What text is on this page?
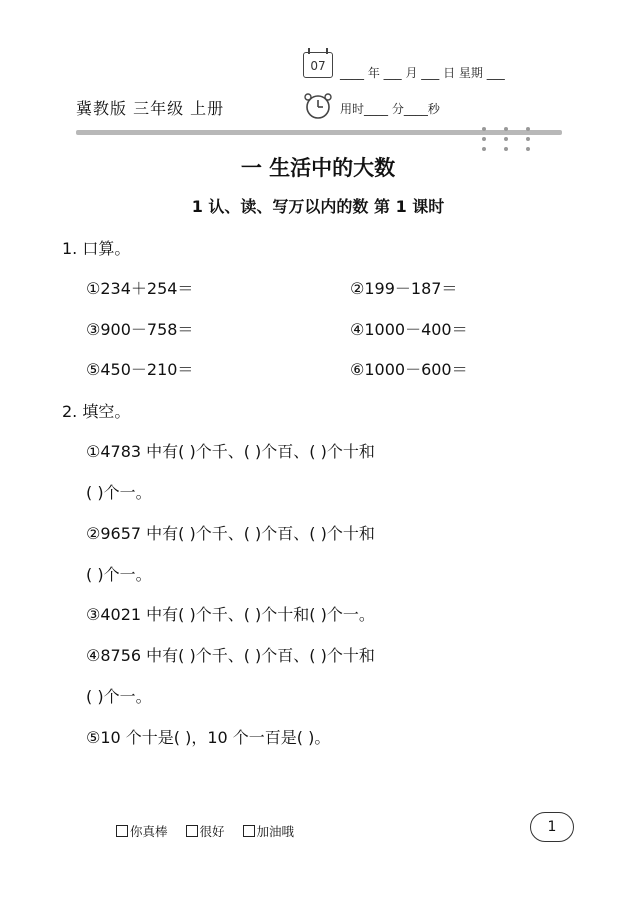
07	____ 年 ___ 月 ___ 日 星期 ___
用时____ 分____秒
冀教版 三年级 上册
一 生活中的大数
1 认、读、写万以内的数 第 1 课时
1. 口算。
①234＋254＝	②199－187＝
③900－758＝	④1000－400＝
⑤450－210＝	⑥1000－600＝
2. 填空。
①4783 中有( )个千、( )个百、( )个十和
( )个一。
②9657 中有( )个千、( )个百、( )个十和
( )个一。
③4021 中有( )个千、( )个十和( )个一。
④8756 中有( )个千、( )个百、( )个十和
( )个一。
⑤10 个十是( )，10 个一百是( )。
你真棒	很好	加油哦	1
